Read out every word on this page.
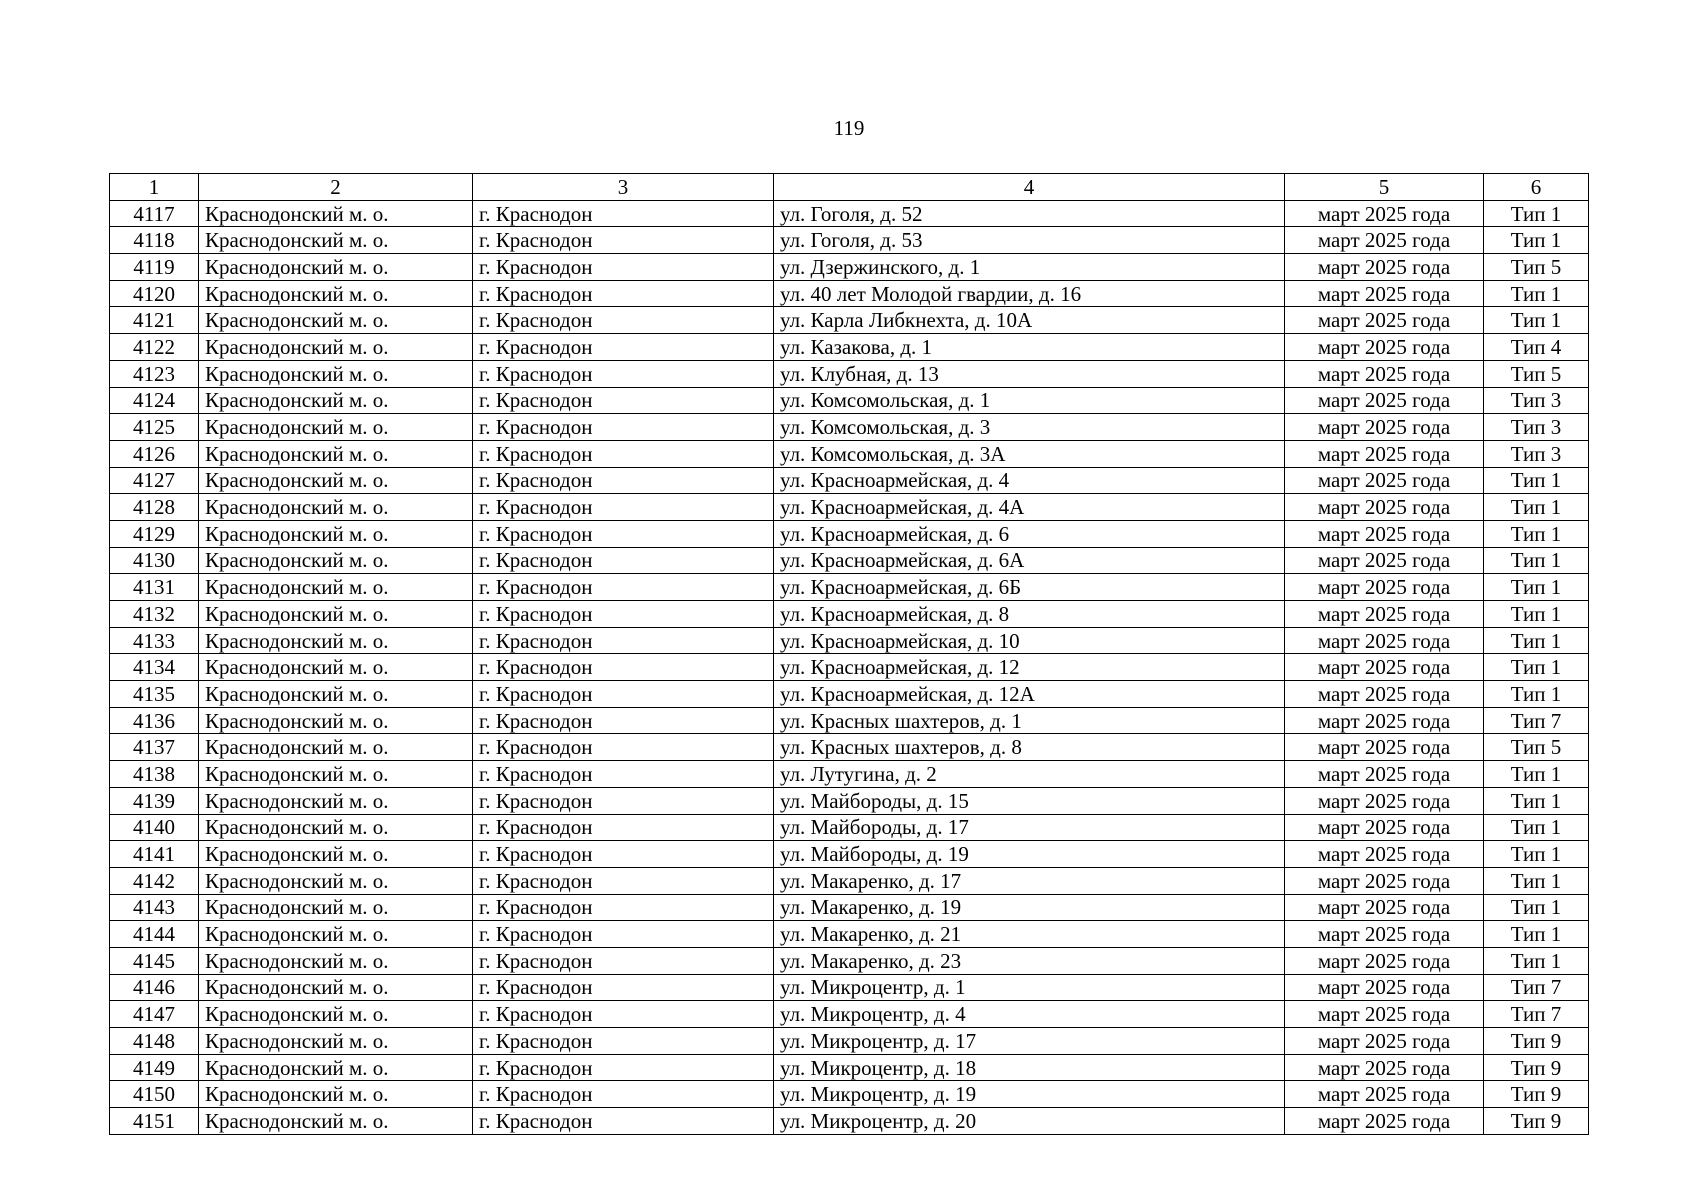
119
1	2	3	4	5	6
4117	Краснодонский м. о.	г. Краснодон	ул. Гоголя, д. 52	март 2025 года	Тип 1
4118	Краснодонский м. о.	г. Краснодон	ул. Гоголя, д. 53	март 2025 года	Тип 1
4119	Краснодонский м. о.	г. Краснодон	ул. Дзержинского, д. 1	март 2025 года	Тип 5
4120	Краснодонский м. о.	г. Краснодон	ул. 40 лет Молодой гвардии, д. 16	март 2025 года	Тип 1
4121	Краснодонский м. о.	г. Краснодон	ул. Карла Либкнехта, д. 10А	март 2025 года	Тип 1
4122	Краснодонский м. о.	г. Краснодон	ул. Казакова, д. 1	март 2025 года	Тип 4
4123	Краснодонский м. о.	г. Краснодон	ул. Клубная, д. 13	март 2025 года	Тип 5
4124	Краснодонский м. о.	г. Краснодон	ул. Комсомольская, д. 1	март 2025 года	Тип 3
4125	Краснодонский м. о.	г. Краснодон	ул. Комсомольская, д. 3	март 2025 года	Тип 3
4126	Краснодонский м. о.	г. Краснодон	ул. Комсомольская, д. 3А	март 2025 года	Тип 3
4127	Краснодонский м. о.	г. Краснодон	ул. Красноармейская, д. 4	март 2025 года	Тип 1
4128	Краснодонский м. о.	г. Краснодон	ул. Красноармейская, д. 4А	март 2025 года	Тип 1
4129	Краснодонский м. о.	г. Краснодон	ул. Красноармейская, д. 6	март 2025 года	Тип 1
4130	Краснодонский м. о.	г. Краснодон	ул. Красноармейская, д. 6А	март 2025 года	Тип 1
4131	Краснодонский м. о.	г. Краснодон	ул. Красноармейская, д. 6Б	март 2025 года	Тип 1
4132	Краснодонский м. о.	г. Краснодон	ул. Красноармейская, д. 8	март 2025 года	Тип 1
4133	Краснодонский м. о.	г. Краснодон	ул. Красноармейская, д. 10	март 2025 года	Тип 1
4134	Краснодонский м. о.	г. Краснодон	ул. Красноармейская, д. 12	март 2025 года	Тип 1
4135	Краснодонский м. о.	г. Краснодон	ул. Красноармейская, д. 12А	март 2025 года	Тип 1
4136	Краснодонский м. о.	г. Краснодон	ул. Красных шахтеров, д. 1	март 2025 года	Тип 7
4137	Краснодонский м. о.	г. Краснодон	ул. Красных шахтеров, д. 8	март 2025 года	Тип 5
4138	Краснодонский м. о.	г. Краснодон	ул. Лутугина, д. 2	март 2025 года	Тип 1
4139	Краснодонский м. о.	г. Краснодон	ул. Майбороды, д. 15	март 2025 года	Тип 1
4140	Краснодонский м. о.	г. Краснодон	ул. Майбороды, д. 17	март 2025 года	Тип 1
4141	Краснодонский м. о.	г. Краснодон	ул. Майбороды, д. 19	март 2025 года	Тип 1
4142	Краснодонский м. о.	г. Краснодон	ул. Макаренко, д. 17	март 2025 года	Тип 1
4143	Краснодонский м. о.	г. Краснодон	ул. Макаренко, д. 19	март 2025 года	Тип 1
4144	Краснодонский м. о.	г. Краснодон	ул. Макаренко, д. 21	март 2025 года	Тип 1
4145	Краснодонский м. о.	г. Краснодон	ул. Макаренко, д. 23	март 2025 года	Тип 1
4146	Краснодонский м. о.	г. Краснодон	ул. Микроцентр, д. 1	март 2025 года	Тип 7
4147	Краснодонский м. о.	г. Краснодон	ул. Микроцентр, д. 4	март 2025 года	Тип 7
4148	Краснодонский м. о.	г. Краснодон	ул. Микроцентр, д. 17	март 2025 года	Тип 9
4149	Краснодонский м. о.	г. Краснодон	ул. Микроцентр, д. 18	март 2025 года	Тип 9
4150	Краснодонский м. о.	г. Краснодон	ул. Микроцентр, д. 19	март 2025 года	Тип 9
4151	Краснодонский м. о.	г. Краснодон	ул. Микроцентр, д. 20	март 2025 года	Тип 9
